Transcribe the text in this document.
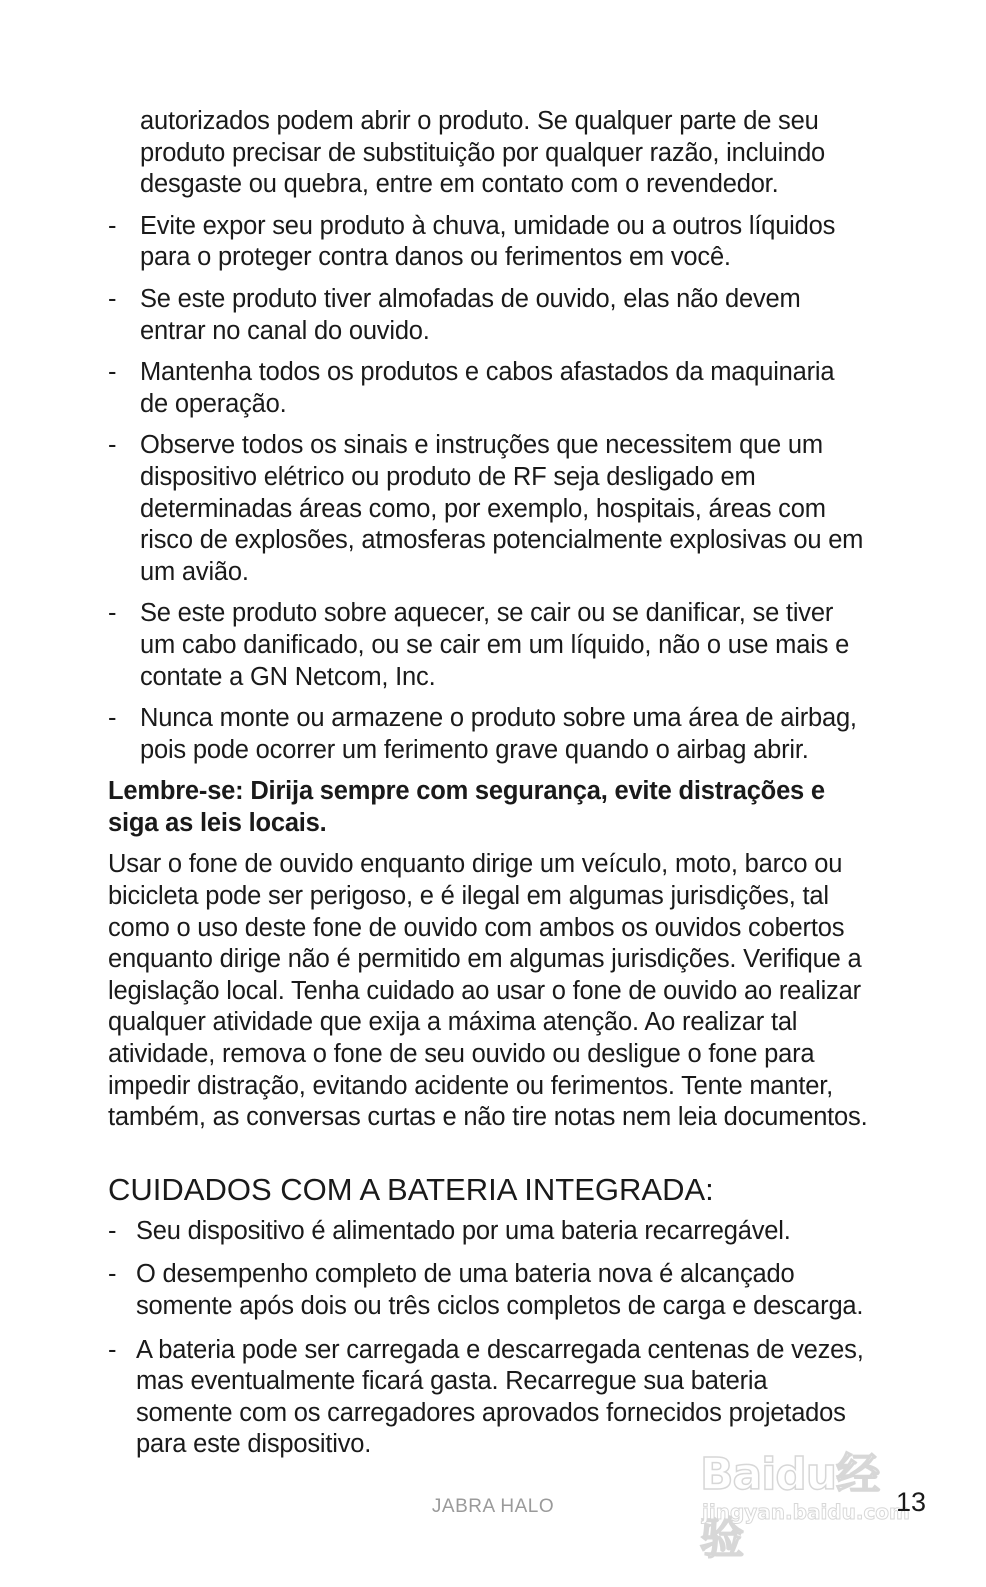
autorizados podem abrir o produto. Se qualquer parte de seu produto precisar de substituição por qualquer razão, incluindo desgaste ou quebra, entre em contato com o revendedor.

- Evite expor seu produto à chuva, umidade ou a outros líquidos para o proteger contra danos ou ferimentos em você.
- Se este produto tiver almofadas de ouvido, elas não devem entrar no canal do ouvido.
- Mantenha todos os produtos e cabos afastados da maquinaria de operação.
- Observe todos os sinais e instruções que necessitem que um dispositivo elétrico ou produto de RF seja desligado em determinadas áreas como, por exemplo, hospitais, áreas com risco de explosões, atmosferas potencialmente explosivas ou em um avião.
- Se este produto sobre aquecer, se cair ou se danificar, se tiver um cabo danificado, ou se cair em um líquido, não o use mais e contate a GN Netcom, Inc.
- Nunca monte ou armazene o produto sobre uma área de airbag, pois pode ocorrer um ferimento grave quando o airbag abrir.

Lembre-se: Dirija sempre com segurança, evite distrações e siga as leis locais.

Usar o fone de ouvido enquanto dirige um veículo, moto, barco ou bicicleta pode ser perigoso, e é ilegal em algumas jurisdições, tal como o uso deste fone de ouvido com ambos os ouvidos cobertos enquanto dirige não é permitido em algumas jurisdições. Verifique a legislação local. Tenha cuidado ao usar o fone de ouvido ao realizar qualquer atividade que exija a máxima atenção. Ao realizar tal atividade, remova o fone de seu ouvido ou desligue o fone para impedir distração, evitando acidente ou ferimentos. Tente manter, também, as conversas curtas e não tire notas nem leia documentos.

CUIDADOS COM A BATERIA INTEGRADA:
- Seu dispositivo é alimentado por uma bateria recarregável.
- O desempenho completo de uma bateria nova é alcançado somente após dois ou três ciclos completos de carga e descarga.
- A bateria pode ser carregada e descarregada centenas de vezes, mas eventualmente ficará gasta. Recarregue sua bateria somente com os carregadores aprovados fornecidos projetados para este dispositivo.
Baidu经验
jingyan.baidu.com
JABRA HALO	13
